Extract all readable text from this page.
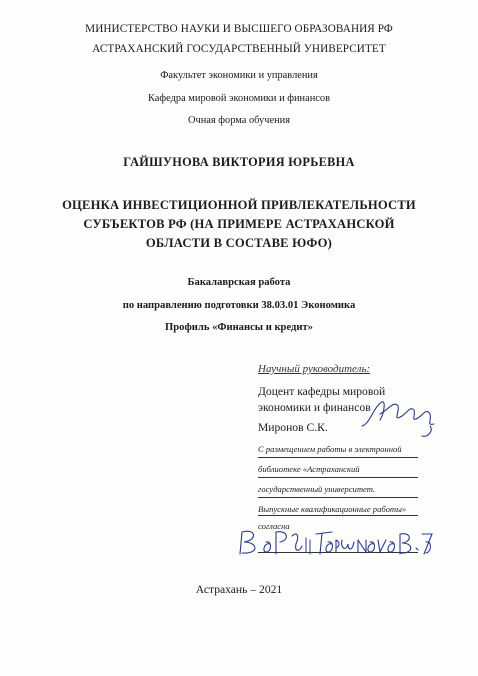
МИНИСТЕРСТВО НАУКИ И ВЫСШЕГО ОБРАЗОВАНИЯ РФ
АСТРАХАНСКИЙ ГОСУДАРСТВЕННЫЙ УНИВЕРСИТЕТ
Факультет экономики и управления
Кафедра мировой экономики и финансов
Очная форма обучения
ГАЙШУНОВА ВИКТОРИЯ ЮРЬЕВНА
ОЦЕНКА ИНВЕСТИЦИОННОЙ ПРИВЛЕКАТЕЛЬНОСТИ
СУБЪЕКТОВ РФ (НА ПРИМЕРЕ АСТРАХАНСКОЙ
ОБЛАСТИ В СОСТАВЕ ЮФО)
Бакалаврская работа
по направлению подготовки 38.03.01 Экономика
Профиль «Финансы и кредит»
Научный руководитель:
Доцент кафедры мировой
экономики и финансов
Миронов С.К.
С размещением работы в электронной
библиотеке «Астраханский
государственный университет.
Выпускные квалификационные работы»
согласна
Астрахань – 2021
